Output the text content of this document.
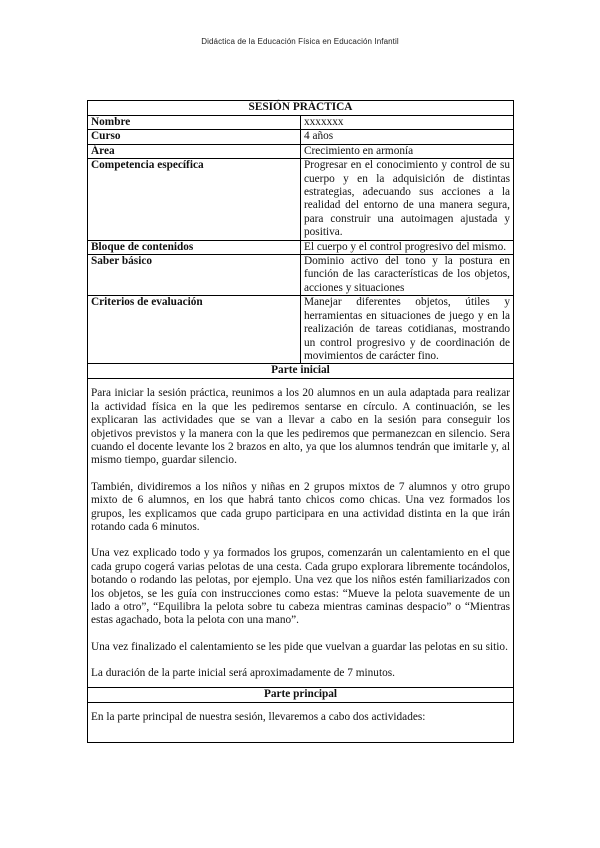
Didáctica de la Educación Física en Educación Infantil
SESIÓN PRÁCTICA	
Nombre	xxxxxxx
Curso	4 años
Área	Crecimiento en armonía
Competencia específica	Progresar en el conocimiento y control de su cuerpo y en la adquisición de distintas estrategias, adecuando sus acciones a la realidad del entorno de una manera segura, para construir una autoimagen ajustada y positiva.
Bloque de contenidos	El cuerpo y el control progresivo del mismo.
Saber básico	Dominio activo del tono y la postura en función de las características de los objetos, acciones y situaciones
Criterios de evaluación	Manejar diferentes objetos, útiles y herramientas en situaciones de juego y en la realización de tareas cotidianas, mostrando un control progresivo y de coordinación de movimientos de carácter fino.
Parte inicial	

Para iniciar la sesión práctica, reunimos a los 20 alumnos en un aula adaptada para realizar la actividad física en la que les pediremos sentarse en círculo. A continuación, se les explicaran las actividades que se van a llevar a cabo en la sesión para conseguir los objetivos previstos y la manera con la que les pediremos que permanezcan en silencio. Sera cuando el docente levante los 2 brazos en alto, ya que los alumnos tendrán que imitarle y, al mismo tiempo, guardar silencio.

También, dividiremos a los niños y niñas en 2 grupos mixtos de 7 alumnos y otro grupo mixto de 6 alumnos, en los que habrá tanto chicos como chicas. Una vez formados los grupos, les explicamos que cada grupo participara en una actividad distinta en la que irán rotando cada 6 minutos.

Una vez explicado todo y ya formados los grupos, comenzarán un calentamiento en el que cada grupo cogerá varias pelotas de una cesta. Cada grupo explorara libremente tocándolos, botando o rodando las pelotas, por ejemplo. Una vez que los niños estén familiarizados con los objetos, se les guía con instrucciones como estas: “Mueve la pelota suavemente de un lado a otro”, “Equilibra la pelota sobre tu cabeza mientras caminas despacio” o “Mientras estas agachado, bota la pelota con una mano”.

Una vez finalizado el calentamiento se les pide que vuelvan a guardar las pelotas en su sitio.

La duración de la parte inicial será aproximadamente de 7 minutos.	

Parte principal	

En la parte principal de nuestra sesión, llevaremos a cabo dos actividades:	
